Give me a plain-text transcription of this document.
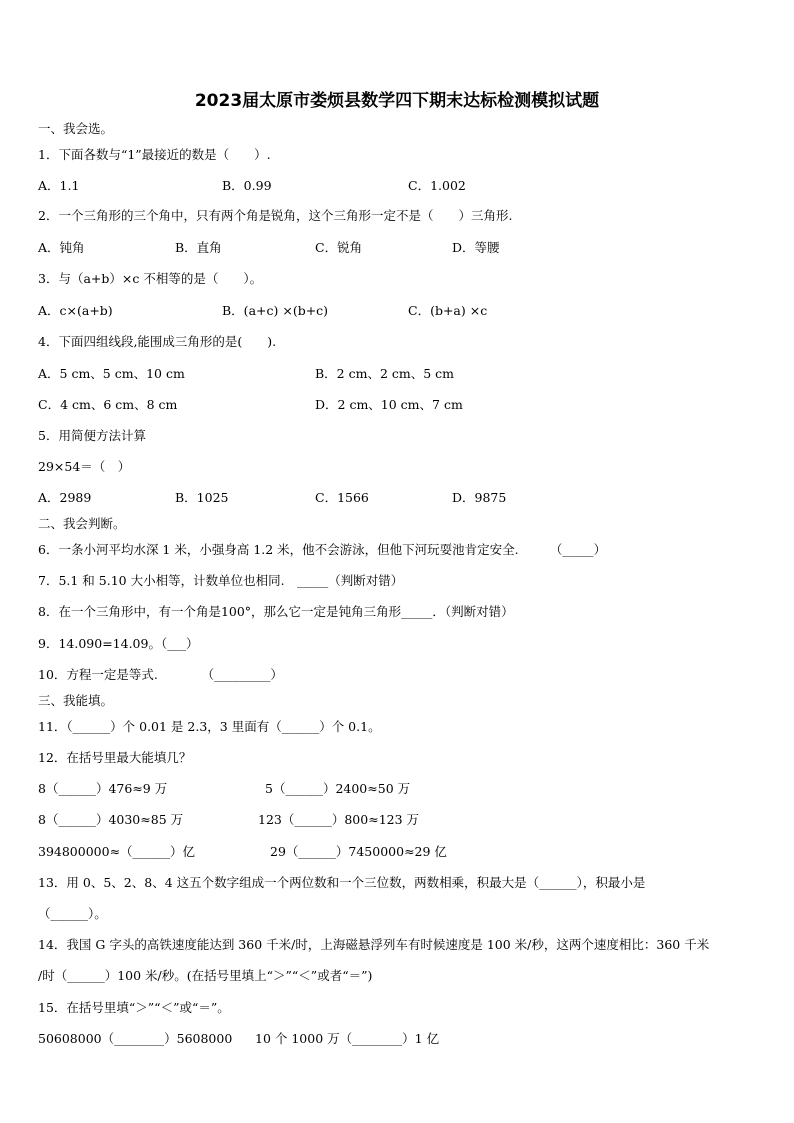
2023届太原市娄烦县数学四下期末达标检测模拟试题
一、我会选。
1．下面各数与“1”最接近的数是（　　）.
A．1.1	B．0.99	C．1.002
2．一个三角形的三个角中，只有两个角是锐角，这个三角形一定不是（　　）三角形.
A．钝角	B．直角	C．锐角	D．等腰
3．与（a+b）×c 不相等的是（　　）。
A．c×(a+b)	B．(a+c) ×(b+c)	C．(b+a) ×c
4．下面四组线段,能围成三角形的是(　　).
A．5 cm、5 cm、10 cm	B．2 cm、2 cm、5 cm
C．4 cm、6 cm、8 cm	D．2 cm、10 cm、7 cm
5．用简便方法计算
29×54＝（　）
A．2989	B．1025	C．1566	D．9875
二、我会判断。
6．一条小河平均水深 1 米，小强身高 1.2 米，他不会游泳，但他下河玩耍池肯定安全.　　　（_____）
7．5.1 和 5.10 大小相等，计数单位也相同.　_____（判断对错）
8．在一个三角形中，有一个角是100°，那么它一定是钝角三角形_____．（判断对错）
9．14.090=14.09。（___）
10．方程一定是等式.　　　　（_________）
三、我能填。
11．（______）个 0.01 是 2.3，3 里面有（______）个 0.1。
12．在括号里最大能填几？
8（______）476≈9 万	5（______）2400≈50 万
8（______）4030≈85 万	123（______）800≈123 万
394800000≈（______）亿	29（______）7450000≈29 亿
13．用 0、5、2、8、4 这五个数字组成一个两位数和一个三位数，两数相乘，积最大是（______），积最小是
（______）。
14．我国 G 字头的高铁速度能达到 360 千米/时，上海磁悬浮列车有时候速度是 100 米/秒，这两个速度相比：360 千米
/时（______）100 米/秒。(在括号里填上“＞”“＜”或者“＝”)
15．在括号里填“＞”“＜”或“＝”。
50608000（________）5608000 10 个 1000 万（________）1 亿
